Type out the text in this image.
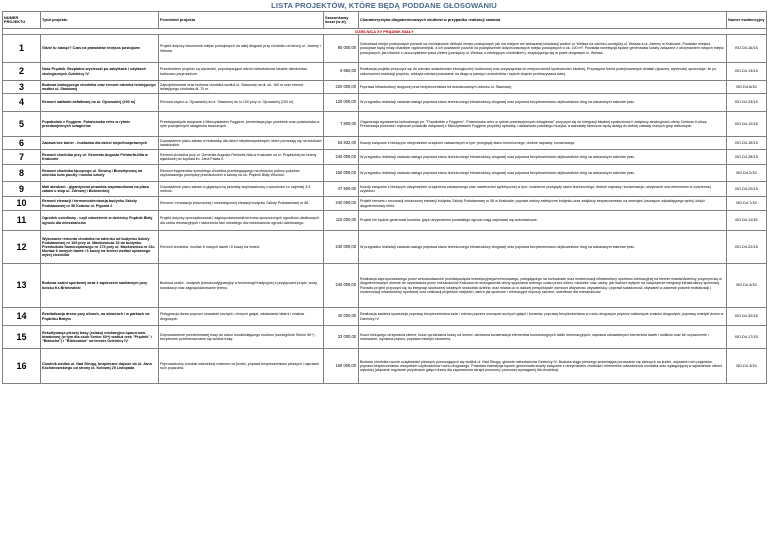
LISTA PROJEKTÓW, KTÓRE BĘDĄ PODDANE GŁOSOWANIU
NUMER PROJEKTU	Tytuł projektu	Przedmiot projektu	Szacunkowy koszt (w zł)	Charakterystyka długoterminowych skutków w przypadku realizacji zadania	Numer ewidencyjny
DZIELNICA XV PRĄDNIK BIAŁY					
1	Gdzie tu stanąć? Czas na prawdziwe miejsca postojowe	Projekt dotyczy utworzenia miejsc postojowych na całej długości przy chodniku od strony ul. Jaremy i Weissa.	90 000.00	Dobudowa miejsc postojowych pozwoli na zmniejszenie deficytu miejsc postojowych jak ma miejsce we wskazanej lokalizacji wzdłuż ul. Weissa na odcinku pomiędzy ul. Weissa a ul. Jaremy w Krakowie. Powstało miejsca postojowe będą miały charakter ogólnomiejski, a ich powstanie pozwoli na powiększenie dotychczasowych miejsc postojowych o ok. 100 m². Powstała inwestycja będzie generowała koszty związane z utrzymaniem nowych miejsc postojowych, jak również z uszczuplaniem pasa zieleni (pomiędzy ul. Weissa, a istniejącym chodnikiem), znajdującego się w pasie drogowym ul. Weissa.	BO.D4.16/15
2	Nasz Prądnik. Bezpłatne wycieczki po zabytkach i użytkach ekologicznych Dzielnicy IV	Przedmiotem projektu są wycieczki, popularyzujące wśród mieszkańców lokalne dziedzictwo kulturowo-przyrodnicze.	9 850,00	Realizacja projektu przyczyni się do wzrostu świadomości ekologicznej i kulturowej oraz przywiązania do miejsca wśród społeczności lokalnej. Przystępna forma podejmowanych działań (spacery, wycieczki) spowoduje, że po zakończeniu realizacji projektu, zdobyta wiedza pozostanie na długo w pamięci uczestników i będzie chętnie przekazywana dalej.	BO.D4.13/15
3	Budowa brakującego chodnika oraz remont odcinka istniejącego wzdłuż ul. Stawowej	Zaprojektowanie oraz budowa chodnika wzdłuż ul. Stawowej na dł. ok. 160 m oraz remont istniejącego chodnika dł. 70 m.	220 000,00	Poprawa infrastruktury drogowej oraz bezpieczeństwa na wnioskowanym odcinku ul. Stawowej.	BO.D4.6/15
4	Remont nakładki asfaltowej na ul. Ojcowskiej (200 m)	Remont części ul. Ojcowskiej od ul. Stawowej do nr 100 przy ul. Ojcowskiej (200 m).	120 000,00	W przypadku realizacji zadania nastąpi poprawa stanu technicznego infrastruktury drogowej oraz poprawa bezpieczeństwa użytkowników dróg na wskazanym zakresie prac.	BO.D4.23/15
5	Popołudnie z Foggiem. Potańcówka retro w rytmie przedwojennych szlagierów	Przedsięwzięcie związane z Mieczysławem Foggiem, prezentacja jego piosenek oraz potańcówka w rytm powojennych szlagierów tanecznych.	7 800,00	Organizacja wydarzenia kulturalnego pn. "Popołudnie z Foggiem". Potańcówka retro w rytmie przedwojennych szlagierów" przyczyni się do integracji lokalnej społeczności i zwiększy atrakcyjność oferty Centrum Kultury. Prezentacja piosenek i wykonań postaciłki związanej z Mieczysławem Foggiem przybliży sylwetkę i działalność polskiego muzyka, a warsztaty taneczne będą okazją do dobrej zabawy różnych grup wiekowych.	BO.D4.12/15
6	Zabawa bez barier - huśtawka dla dzieci niepełnosprawnych	Doposażenie placu zabaw w huśtawkę dla dzieci niepełnosprawnych, które poruszają się na wózkach inwalidzkich.	63 832,00	Koszty związane z bieżącym utrzymaniem urządzeń zabawowych w tym: przeglądy stanu technicznego, drobne naprawy, konserwacja.	BO.D4.15/15
7	Remont chodnika przy ul. Generała Augusta Fieldorfa-Nila w Krakowie	Remont chodnika przy ul. Generała Augusta Fieldorfa-Nila w Krakowie od ul. Prądnickiej do bramy wjazdowej do szpitala im. Jana Pawła II.	240 000,00	W przypadku realizacji zadania nastąpi poprawa stanu technicznego infrastruktury drogowej oraz poprawa bezpieczeństwa użytkowników dróg na wskazanym zakresie prac.	BO.D4.28/15
8	Remont chodnika łączącego ul. Siewną i Bursztynową na odcinku koło poczty i boiska szkoły	Remont fragmentów szerokiego chodnika przebiegającego na kierunku północ-południe, usytuowanego pomiędzy przedszkolem a szkołą na os. Prądnik Biały Wschód.	150 000,00	W przypadku realizacji zadania nastąpi poprawa stanu technicznego infrastruktury drogowej oraz poprawa bezpieczeństwa użytkowników dróg na wskazanym zakresie prac.	BO.D4.2/15
9	Mali abrobaci - gigantyczna piramida wspinaczkowa na placu zabaw u stóp ul. Zdrowej i Bobrzeckiej	Doposażenie placu zabaw w gigantyczną piramidę wspinaczkową o wysokości co najmniej 3-5 metrów.	47 500,00	Koszty związane z bieżącym utrzymaniem urządzenia zabawowego oraz nawierzchni syntetycznej w tym: codzienne przeglądy stanu technicznego; drobne naprawy; konserwacja; utrzymanie w/w elementów w codziennej czystości.	BO.D4.20/15
10	Remont elewacji i termomodernizacja budynku Szkoły Podstawowej nr 58 Kraków ul. Pigonia 2	Remont i renowacja zniszczonej i nieestetycznej elewacji budynku Szkoły Podstawowej nr 58.	240 000,00	Projekt remontu i renowacji zniszczonej elewacji budynku Szkoły Podstawowej nr 58 w Krakowie; poprawi walory estetyczne budynku oraz zwiększy bezpieczeństwo na zewnątrz (usunięcie odpadającego tynku) dzięki długoterminowy efekt.	BO.D4.7/15
11	Ogródek osiedlowy - czyli utworzenie w dzielnicy Prądnik Biały ogrodu dla mieszkańców	Projekt dotyczy uporządkowania i zagospodarowania terenów opuszczonych ogródków działkowych dla celów rekreacyjnych i stworzenia tam otwartego dla mieszkańców ogrodu osiedlowego.	110 000,00	Projekt nie będzie generował kosztów, gdyż utrzymaniem powstałego ogrodu mają zajmować się wolontariusze.	BO.D4.11/15
12	Wykonanie remontu chodnika na odcinku od budynku Szkoły Podstawowej nr 109 przy ul. Mackiewicza 15 do budynku Przedszkola Samorządowego nr 175 przy ul. Mackiewicza nr 23c. Montaż 6 nowych ławek i 6 koszy na śmieci wzdłuż opisanego wyżej chodnika	Remont chodnika, montaż 6 nowych ławek i 6 koszy na śmieci.	240 000,00	W przypadku realizacji zadania nastąpi poprawa stanu technicznego infrastruktury drogowej oraz poprawa bezpieczeństwa użytkowników dróg na wskazanym zakresie prac.	BO.D4.22/15
13	Budowa szatni sportowej wraz z zapleczem sanitarnym przy boisku Ks Bronowicki	Budowa szatni - budynek jednokondygnacyjny w technologii tradycyjnej z przyłączami prądu, wody, kanalizacji oraz zagospodarowanie terenu.	240 000,00	Realizacja zaproponowanego przez wnioskodawców przedsięwzięcia inwestycyjnego/remontowego, polegającego na rozbudowie oraz modernizacji infrastruktury sportowo-rekreacyjnej na terenie miasta/dzielnicy przyczyni się w długoterminowym okresie do uzyskiwania przez mieszkańców Krakowa do wzbogacenia oferty spędzania wolnego czasu przez dzieci, młodzież oraz osoby, jak również wpłynie na zwiększenie integracji infrastruktury sportowej. Ponadto projekt przyczyni się do integracji społecznej lokalnych środowisk dzielnic oraz miasta co w dalszej perspektywie wzmocni aktywność obywatelską i poprawi świadomość obywateli w zakresie potrzeb rewitalizacji i modernizacji infrastruktury sportowej oraz realizacji projektów miejskich, takich jak sportowe i rekreacyjne imprezy szkolne, osiedlowe dla mieszkańców.	BO.D4.4/15
14	Rewitalizacja drzew przy ulicach, na skwerach i w parkach na Prądniku Białym	Pielęgnacja drzew poprzez usuwanie suchych, chorych gałęzi, odsłanianie latarni i znaków drogowych.	40 000,00	Realizacja zadania spowoduje poprawę bezpieczeństwa ludzi i mienia poprzez usunięcie suchych gałęzi i konarów; poprawę bezpieczeństwa w ruchu drogowym poprzez odsłonięcie znaków drogowych; poprawę estetyki drzew w Dzielnicy IV.	BO.D4.32/15
15	Rekultywacja pieszej trasy (szlaku) edukacyjno-spacerowo-biwakowej (w tym dla osób Senior 60+) wzdłuż rzek "Prądnik" i "Białucha") i "Bibiczanka" na terenie Dzielnicy IV	Doprowadzenie przedmiotowej trasy do stanu umożliwiającego osobom (szczególnie Senior 60+) bezpieczne przemieszczanie się wzdłuż trasy.	33 000,00	Koszt bieżącego utrzymania zieleni; koszt opróżniania koszy na śmieci; okresowa konserwacja elementów konstrukcyjnych tablic informacyjnych; naprawa odnawialnych elementów ławek i stolików oraz ich czyszczenie i malowanie; wymiana piasku; poprawa estetyki otoczenia.	BO.D4.17/15
16	Chodnik wzdłuż ul. Nad Strugą, bezpieczne dojście do ul. Jana Kochanowskiego od strony ul. Kołowej 29 Listopada	Poprowadzony chodnik oddzielony rowerem od jezdni, poprawi bezpieczeństwo pieszych i usprawni ruch pojazdów.	160 000,00	Budowa chodnika usunie uciążliwości pieszych poruszających się wzdłuż ul. Nad Strugą, głównie mieszkańców Dzielnicy IV. Budowa ciągu pieszego zmieniająca poruszanie się pieszych na jezdni, usprawni ruch pojazdów, poprawi bezpieczeństwo wszystkich użytkowników ruchu drogowego. Powstała inwestycja będzie generowała koszty związane z utrzymaniem chodnika i elementów odwodnienia chodnika oraz występującej w sąsiedztwie zieleni wysokiej (wiązanie regularne przycinanie gałęzi drzew dla zapewnienia skrajni poziomej i pionowej wymaganej dla chodnika).	BO.D4.3/15
